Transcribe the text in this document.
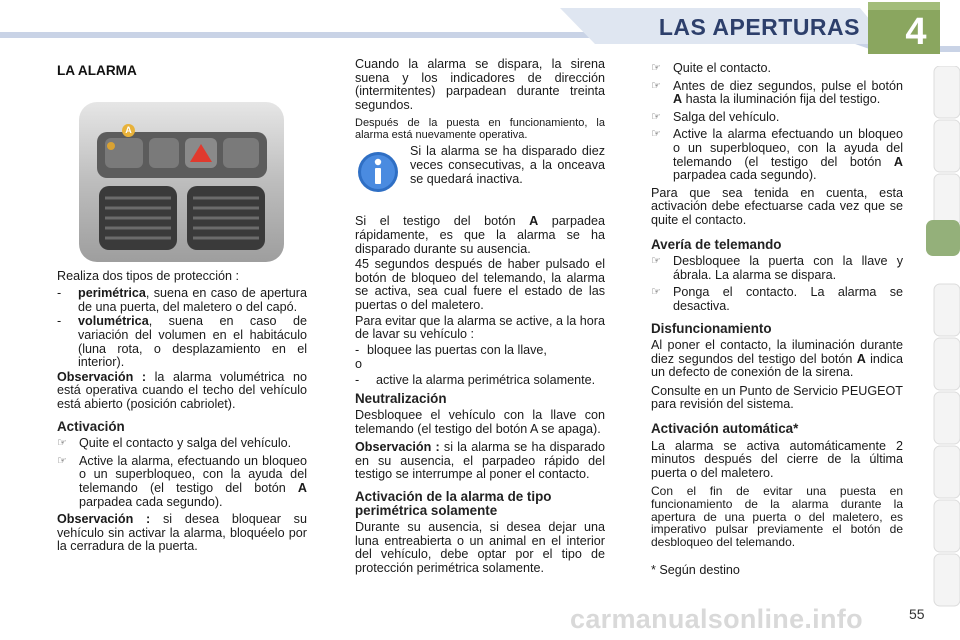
LAS APERTURAS	4
LA ALARMA
A

Realiza dos tipos de protección :

- perimétrica, suena en caso de apertura de una puerta, del maletero o del capó.
- volumétrica, suena en caso de variación del volumen en el habitáculo (luna rota, o desplazamiento en el interior).

Observación : la alarma volumétrica no está operativa cuando el techo del vehículo está abierto (posición cabriolet).

Activación
☞ Quite el contacto y salga del vehículo.
☞ Active la alarma, efectuando un bloqueo o un superbloqueo, con la ayuda del telemando (el testigo del botón A parpadea cada segundo).

Observación : si desea bloquear su vehículo sin activar la alarma, bloquéelo por la cerradura de la puerta.

Cuando la alarma se dispara, la sirena suena y los indicadores de dirección (intermitentes) parpadean durante treinta segundos.

Después de la puesta en funcionamiento, la alarma está nuevamente operativa.

Si la alarma se ha disparado diez veces consecutivas, a la onceava se quedará inactiva.

Si el testigo del botón A parpadea rápidamente, es que la alarma se ha disparado durante su ausencia.

45 segundos después de haber pulsado el botón de bloqueo del telemando, la alarma se activa, sea cual fuere el estado de las puertas o del maletero.

Para evitar que la alarma se active, a la hora de lavar su vehículo :

- bloquee las puertas con la llave,

o

- active la alarma perimétrica solamente.
Neutralización

Desbloquee el vehículo con la llave con telemando (el testigo del botón A se apaga).

Observación : si la alarma se ha disparado en su ausencia, el parpadeo rápido del testigo se interrumpe al poner el contacto.

Activación de la alarma de tipo perimétrica solamente

Durante su ausencia, si desea dejar una luna entreabierta o un animal en el interior del vehículo, debe optar por el tipo de protección perimétrica solamente.

☞ Quite el contacto.
☞ Antes de diez segundos, pulse el botón A hasta la iluminación fija del testigo.
☞ Salga del vehículo.
☞ Active la alarma efectuando un bloqueo o un superbloqueo, con la ayuda del telemando (el testigo del botón A parpadea cada segundo).

Para que sea tenida en cuenta, esta activación debe efectuarse cada vez que se quite el contacto.

Avería de telemando
☞ Desbloquee la puerta con la llave y ábrala. La alarma se dispara.
☞ Ponga el contacto. La alarma se desactiva.
Disfuncionamiento

Al poner el contacto, la iluminación durante diez segundos del testigo del botón A indica un defecto de conexión de la sirena.

Consulte en un Punto de Servicio PEUGEOT para revisión del sistema.

Activación automática*

La alarma se activa automáticamente 2 minutos después del cierre de la última puerta o del maletero.

Con el fin de evitar una puesta en funcionamiento de la alarma durante la apertura de una puerta o del maletero, es imperativo pulsar previamente el botón de desbloqueo del telemando.

* Según destino

carmanualsonline.info	55
